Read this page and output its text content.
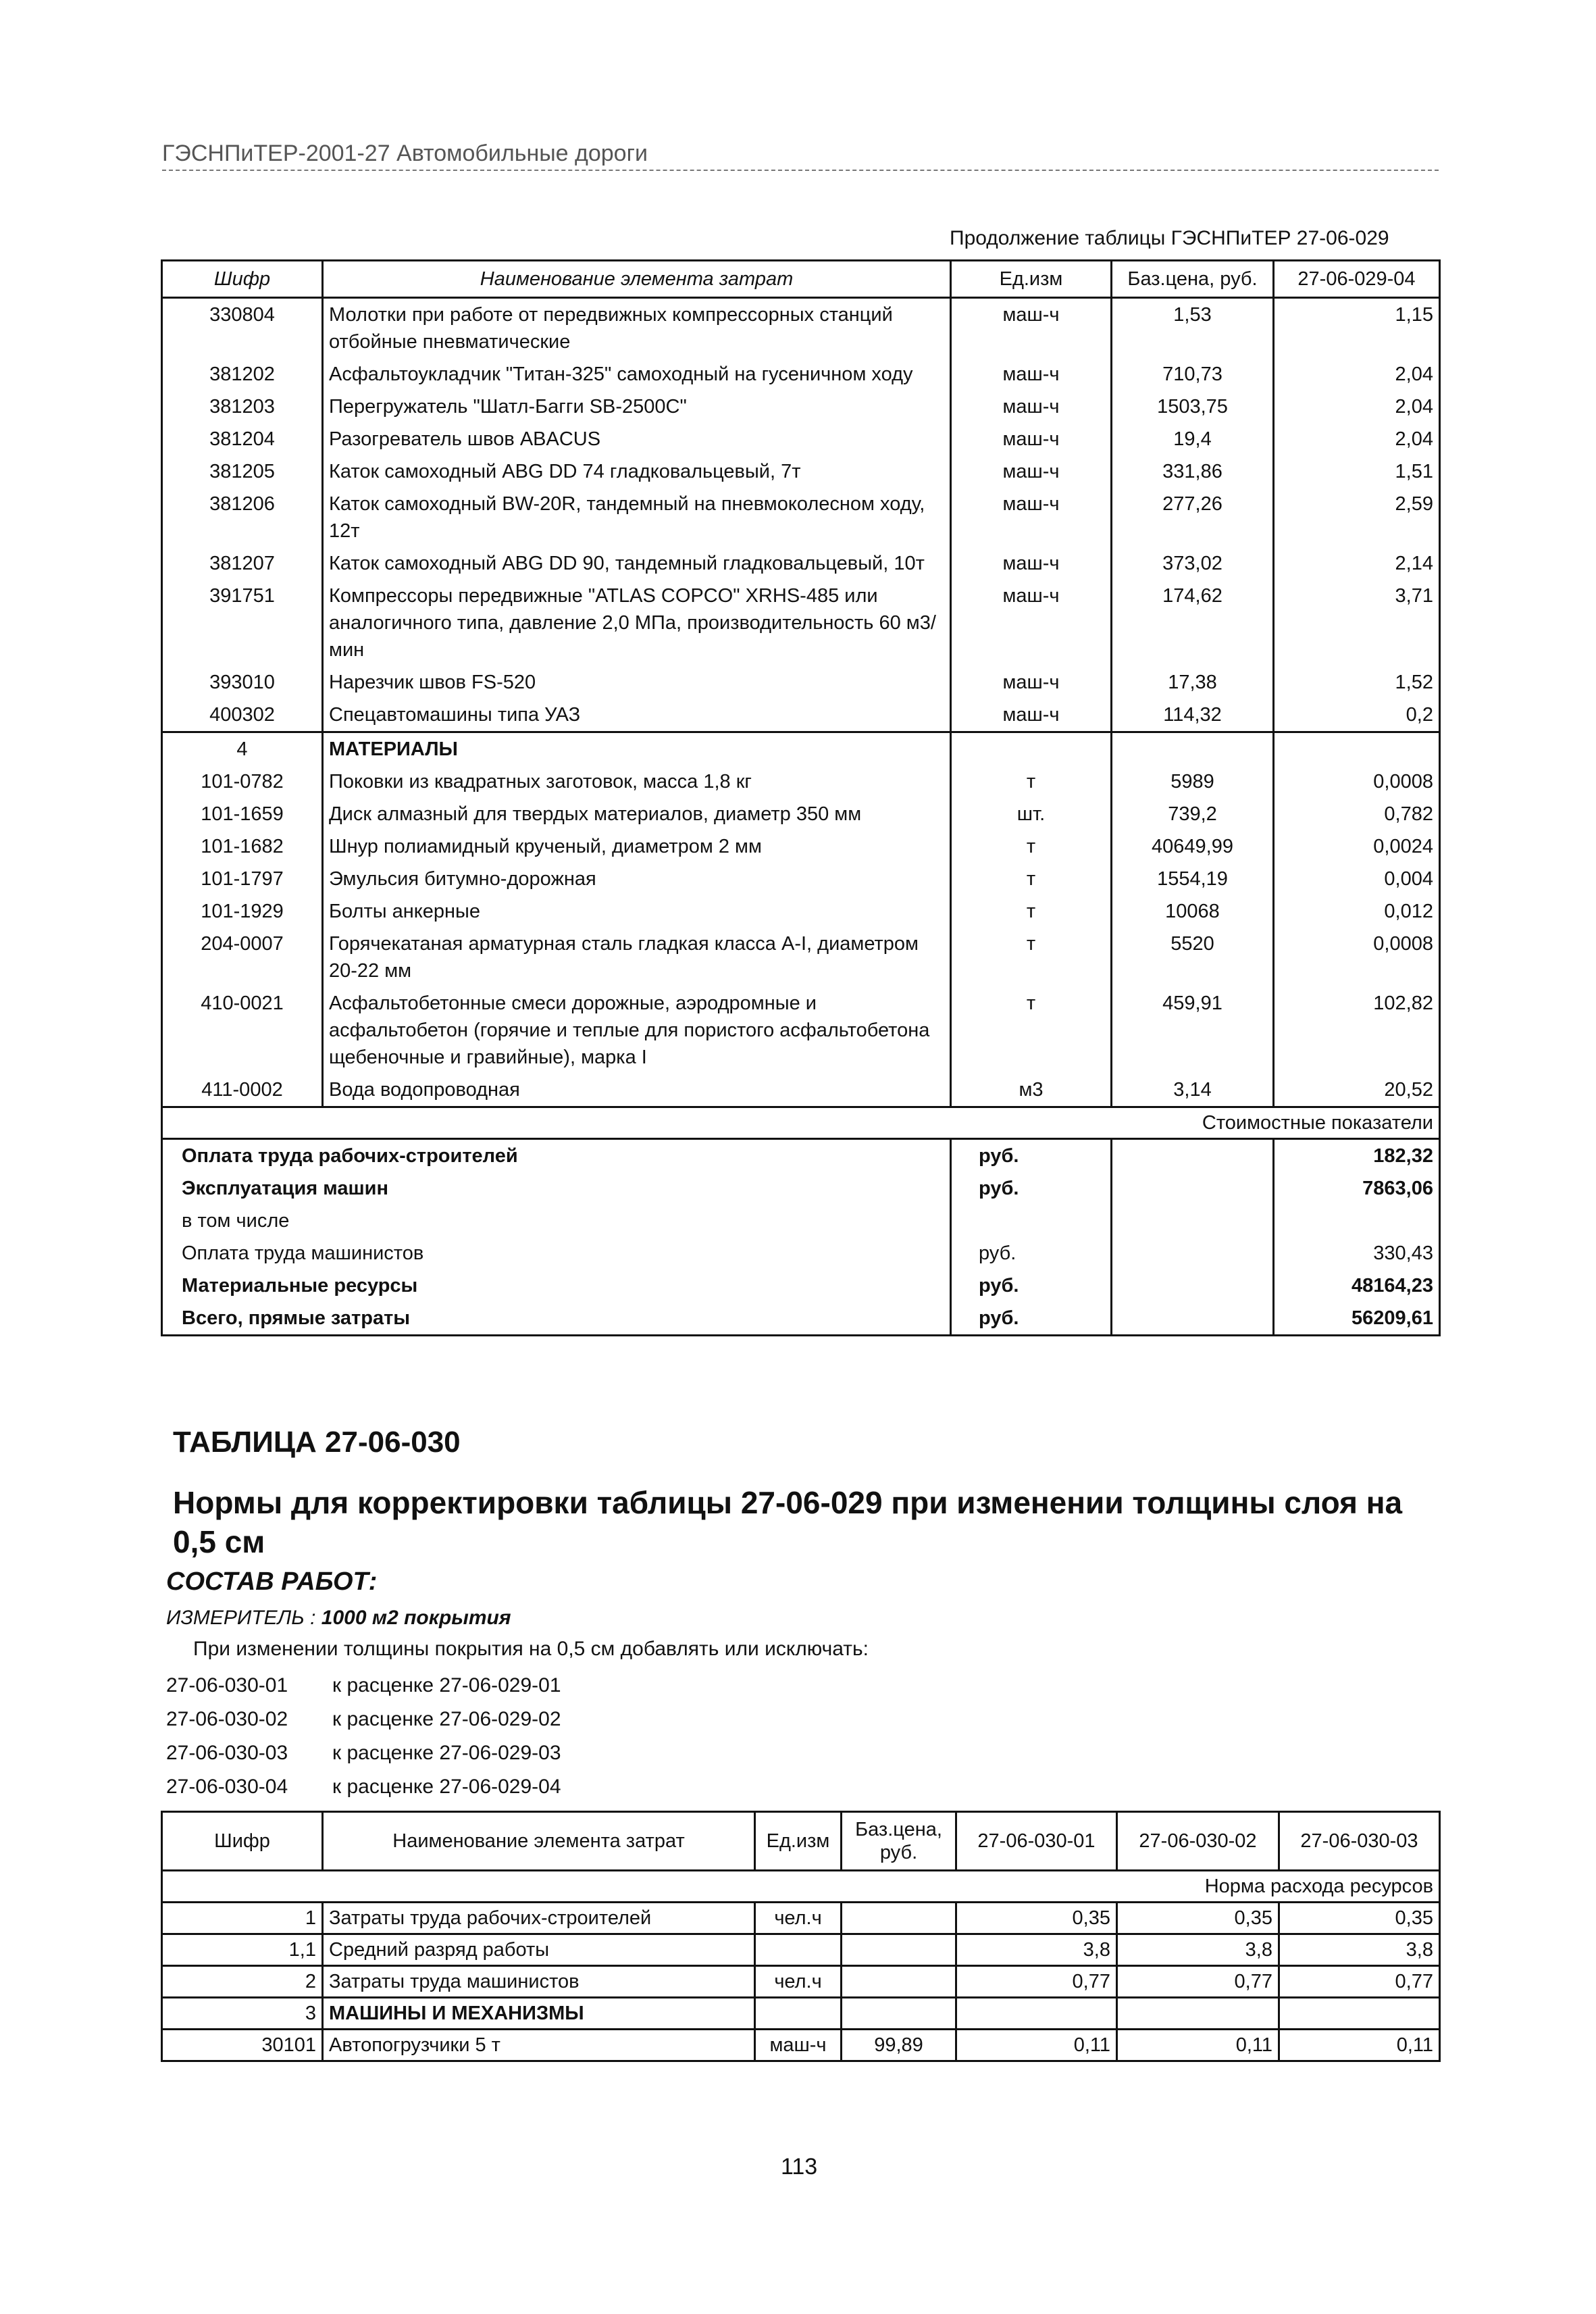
ГЭСНПиТЕР-2001-27 Автомобильные дороги
Продолжение таблицы ГЭСНПиТЕР 27-06-029
Шифр	Наименование элемента затрат	Ед.изм	Баз.цена, руб.	27-06-029-04
330804	Молотки при работе от передвижных компрессорных станций отбойные пневматические	маш-ч	1,53	1,15
381202	Асфальтоукладчик "Титан-325" самоходный на гусеничном ходу	маш-ч	710,73	2,04
381203	Перегружатель "Шатл-Багги SB-2500С"	маш-ч	1503,75	2,04
381204	Разогреватель швов ABACUS	маш-ч	19,4	2,04
381205	Каток самоходный ABG DD 74 гладковальцевый, 7т	маш-ч	331,86	1,51
381206	Каток самоходный BW-20R, тандемный на пневмоколесном ходу, 12т	маш-ч	277,26	2,59
381207	Каток самоходный ABG DD 90, тандемный гладковальцевый, 10т	маш-ч	373,02	2,14
391751	Компрессоры передвижные "ATLAS COPCO" XRHS-485 или аналогичного типа, давление 2,0 МПа, производительность 60 м3/мин	маш-ч	174,62	3,71
393010	Нарезчик швов FS-520	маш-ч	17,38	1,52
400302	Спецавтомашины типа УАЗ	маш-ч	114,32	0,2
4	МАТЕРИАЛЫ			
101-0782	Поковки из квадратных заготовок, масса 1,8 кг	т	5989	0,0008
101-1659	Диск алмазный для твердых материалов, диаметр 350 мм	шт.	739,2	0,782
101-1682	Шнур полиамидный крученый, диаметром 2 мм	т	40649,99	0,0024
101-1797	Эмульсия битумно-дорожная	т	1554,19	0,004
101-1929	Болты анкерные	т	10068	0,012
204-0007	Горячекатаная арматурная сталь гладкая класса А-I, диаметром 20-22 мм	т	5520	0,0008
410-0021	Асфальтобетонные смеси дорожные, аэродромные и асфальтобетон (горячие и теплые для пористого асфальтобетона щебеночные и гравийные), марка I	т	459,91	102,82
411-0002	Вода водопроводная	м3	3,14	20,52
Стоимостные показатели				
Оплата труда рабочих-строителей		руб.		182,32
Эксплуатация машин		руб.		7863,06
в том числе				
Оплата труда машинистов		руб.		330,43
Материальные ресурсы		руб.		48164,23
Всего, прямые затраты		руб.		56209,61
ТАБЛИЦА 27-06-030
Нормы для корректировки таблицы 27-06-029 при изменении толщины слоя на 0,5 см
СОСТАВ РАБОТ:
ИЗМЕРИТЕЛЬ : 1000 м2 покрытия
При изменении толщины покрытия на 0,5 см добавлять или исключать:
27-06-030-01 к расценке 27-06-029-01
27-06-030-02 к расценке 27-06-029-02
27-06-030-03 к расценке 27-06-029-03
27-06-030-04 к расценке 27-06-029-04
Шифр	Наименование элемента затрат	Ед.изм	Баз.цена, руб.	27-06-030-01	27-06-030-02	27-06-030-03
Норма расхода ресурсов						
1	Затраты труда рабочих-строителей	чел.ч		0,35	0,35	0,35
1,1	Средний разряд работы			3,8	3,8	3,8
2	Затраты труда машинистов	чел.ч		0,77	0,77	0,77
3	МАШИНЫ И МЕХАНИЗМЫ					
30101	Автопогрузчики 5 т	маш-ч	99,89	0,11	0,11	0,11
113
